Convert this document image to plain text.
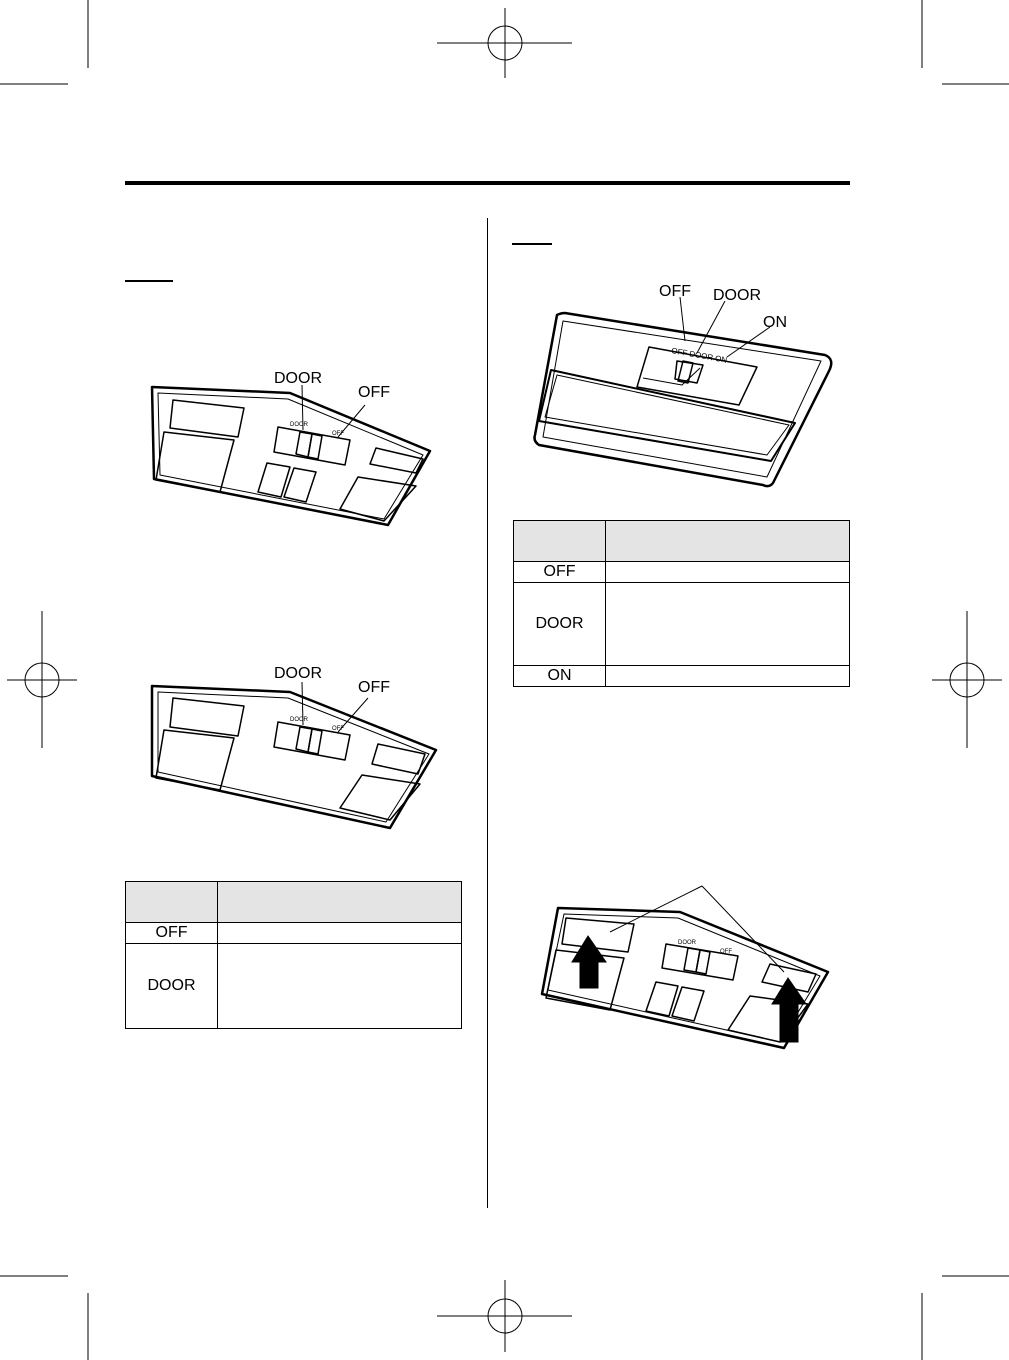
DOOR
OFF
DOOR
OFF
DOOR
OFF
DOOR
OFF

OFF	
DOOR	
OFF DOOR ON
OFF DOOR
ON

OFF	
DOOR	
ON	
DOOR
OFF
